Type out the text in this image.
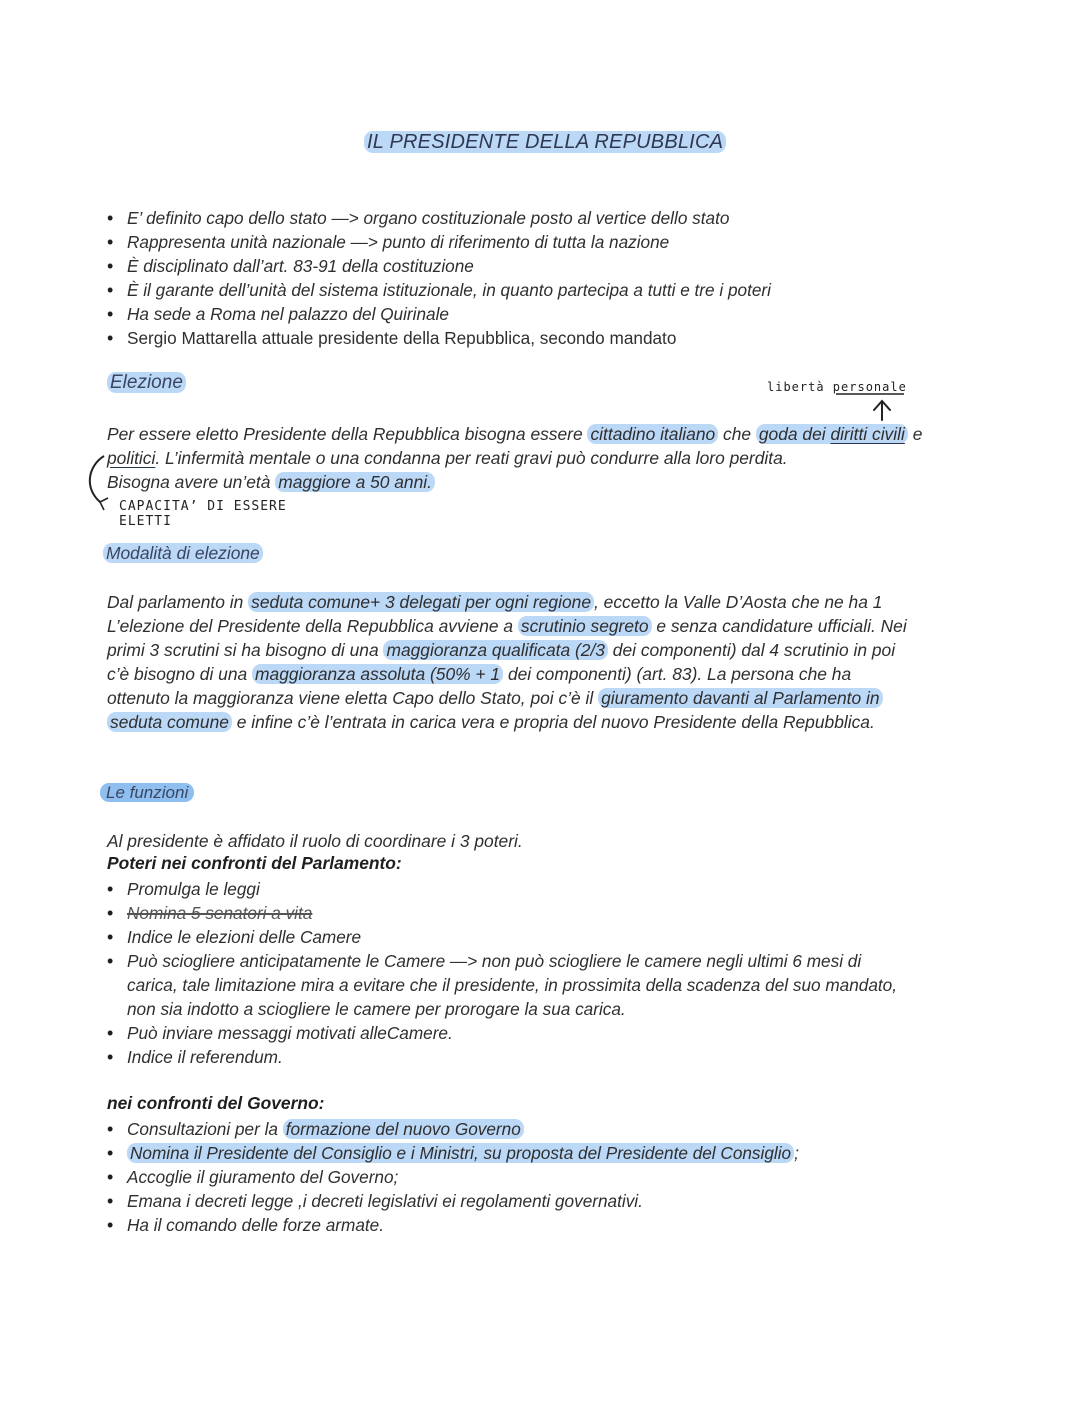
IL PRESIDENTE DELLA REPUBBLICA
• E’ definito capo dello stato —> organo costituzionale posto al vertice dello stato
• Rappresenta unità nazionale —> punto di riferimento di tutta la nazione
• È disciplinato dall’art. 83-91 della costituzione
• È il garante dell’unità del sistema istituzionale, in quanto partecipa a tutti e tre i poteri
• Ha sede a Roma nel palazzo del Quirinale
• Sergio Mattarella attuale presidente della Repubblica, secondo mandato
Elezione	libertà personale
Per essere eletto Presidente della Repubblica bisogna essere cittadino italiano che goda dei diritti civili e
politici. L’infermità mentale o una condanna per reati gravi può condurre alla loro perdita.
Bisogna avere un’età maggiore a 50 anni.
CAPACITA’ DI ESSERE
ELETTI
Modalità di elezione
Dal parlamento in seduta comune+ 3 delegati per ogni regione , eccetto la Valle D’Aosta che ne ha 1
L’elezione del Presidente della Repubblica avviene a scrutinio segreto e senza candidature ufficiali. Nei
primi 3 scrutini si ha bisogno di una maggioranza qualificata (2/3 dei componenti) dal 4 scrutinio in poi
c’è bisogno di una maggioranza assoluta (50% + 1 dei componenti) (art. 83). La persona che ha
ottenuto la maggioranza viene eletta Capo dello Stato, poi c’è il giuramento davanti al Parlamento in
seduta comune e infine c’è l’entrata in carica vera e propria del nuovo Presidente della Repubblica.
Le funzioni
Al presidente è affidato il ruolo di coordinare i 3 poteri.
Poteri nei confronti del Parlamento:
• Promulga le leggi
• Nomina 5 senatori a vita
• Indice le elezioni delle Camere
• Può sciogliere anticipatamente le Camere —> non può sciogliere le camere negli ultimi 6 mesi di
carica, tale limitazione mira a evitare che il presidente, in prossimita della scadenza del suo mandato,
non sia indotto a sciogliere le camere per prorogare la sua carica.
• Può inviare messaggi motivati alleCamere.
• Indice il referendum.
nei confronti del Governo:
• Consultazioni per la formazione del nuovo Governo
• Nomina il Presidente del Consiglio e i Ministri, su proposta del Presidente del Consiglio ;
• Accoglie il giuramento del Governo;
• Emana i decreti legge ,i decreti legislativi ei regolamenti governativi.
• Ha il comando delle forze armate.
